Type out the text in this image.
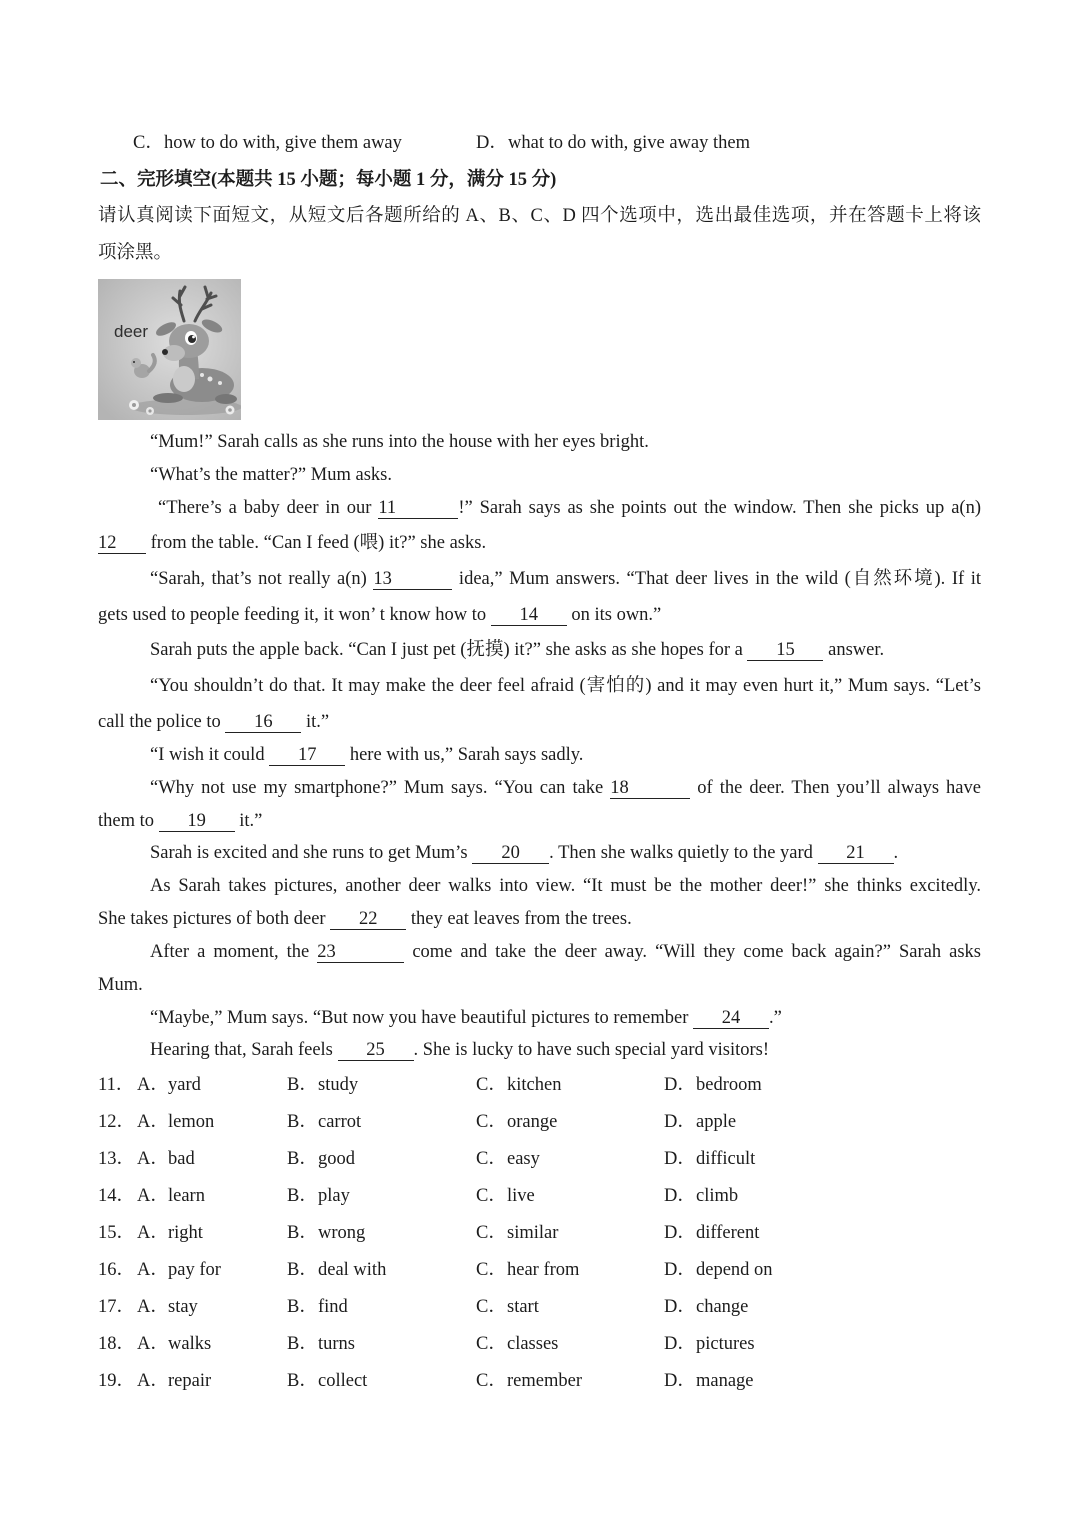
C． how to do with, give them away	D． what to do with, give away them
二、完形填空(本题共 15 小题；每小题 1 分，满分 15 分)
请认真阅读下面短文，从短文后各题所给的 A、B、C、D 四个选项中，选出最佳选项，并在答题卡上将该
项涂黑。
deer
“Mum!” Sarah calls as she runs into the house with her eyes bright.
“What’s the matter?” Mum asks.
“There’s a baby deer in our 11	!” Sarah says as she points out the window. Then she picks up a(n)
12 from the table. “Can I feed (喂) it?” she asks.
“Sarah, that’s not really a(n) 13	idea,” Mum answers. “That deer lives in the wild (自然环境). If it
gets used to people feeding it, it won’ t know how to 14 on its own.”
Sarah puts the apple back. “Can I just pet (抚摸) it?” she asks as she hopes for a 15 answer.
“You shouldn’t do that. It may make the deer feel afraid (害怕的) and it may even hurt it,” Mum says. “Let’s
call the police to 16 it.”
“I wish it could 17 here with us,” Sarah says sadly.
“Why not use my smartphone?” Mum says. “You can take 18	of the deer. Then you’ll always have
them to 19 it.”
Sarah is excited and she runs to get Mum’s 20 . Then she walks quietly to the yard 21 .
As Sarah takes pictures, another deer walks into view. “It must be the mother deer!” she thinks excitedly.
She takes pictures of both deer 22 they eat leaves from the trees.
After a moment, the 23	come and take the deer away. “Will they come back again?” Sarah asks
Mum.
“Maybe,” Mum says. “But now you have beautiful pictures to remember 24 .”
Hearing that, Sarah feels 25 . She is lucky to have such special yard visitors!
11． A． yard	B． study	C． kitchen	D． bedroom
12． A． lemon	B． carrot	C． orange	D． apple
13． A． bad	B． good	C． easy	D． difficult
14． A． learn	B． play	C． live	D． climb
15． A． right	B． wrong	C． similar	D． different
16． A． pay for	B． deal with	C． hear from	D． depend on
17． A． stay	B． find	C． start	D． change
18． A． walks	B． turns	C． classes	D． pictures
19． A． repair	B． collect	C． remember	D． manage
